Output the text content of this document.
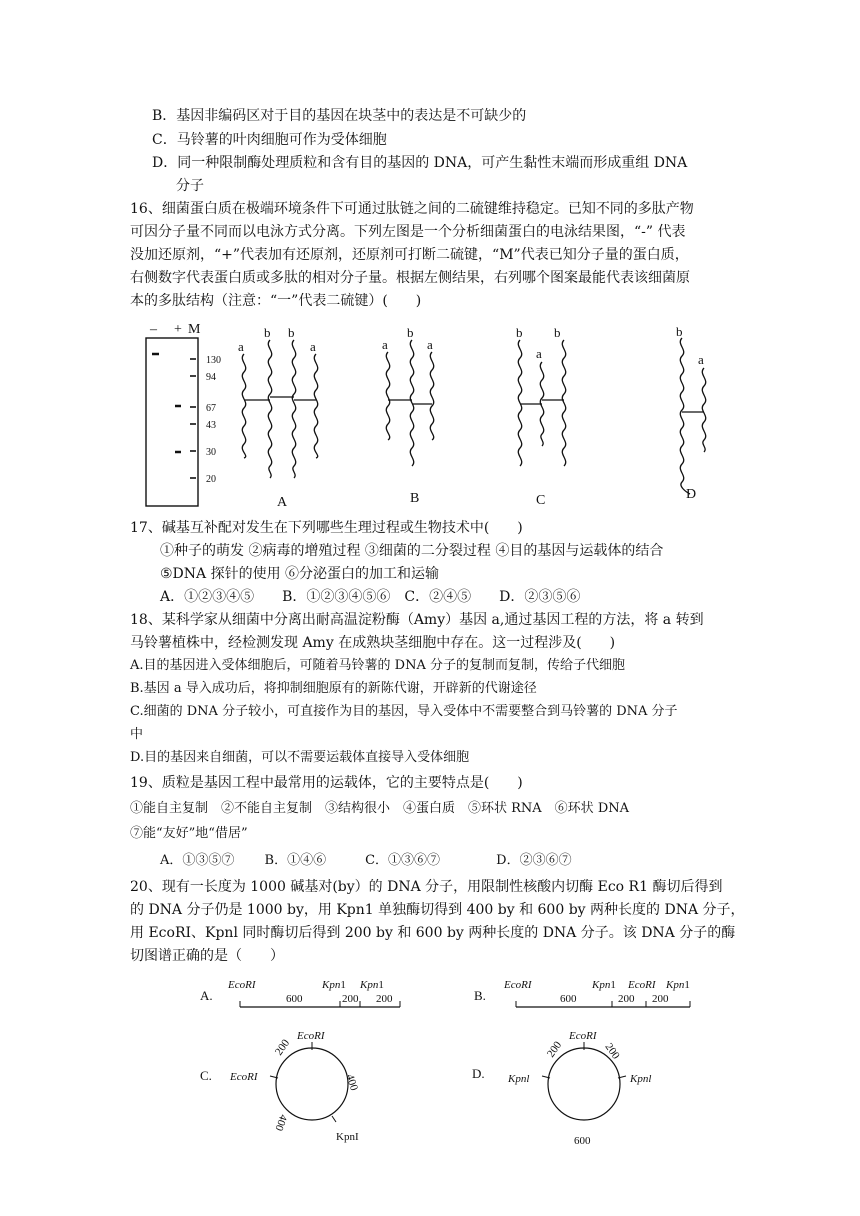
B．基因非编码区对于目的基因在块茎中的表达是不可缺少的
C．马铃薯的叶肉细胞可作为受体细胞
D．同一种限制酶处理质粒和含有目的基因的 DNA，可产生黏性末端而形成重组 DNA
分子
16、细菌蛋白质在极端环境条件下可通过肽链之间的二硫键维持稳定。已知不同的多肽产物
可因分子量不同而以电泳方式分离。下列左图是一个分析细菌蛋白的电泳结果图，“-” 代表
没加还原剂，“+”代表加有还原剂，还原剂可打断二硫键，“M”代表已知分子量的蛋白质，
右侧数字代表蛋白质或多肽的相对分子量。根据左侧结果，右列哪个图案最能代表该细菌原
本的多肽结构（注意：“一”代表二硫键）(　　)
– + M
130
94
67
43
30
20
a
b b
a
A
a
b
a
B
b
a
b
C
b
a
D
17、碱基互补配对发生在下列哪些生理过程或生物技术中(　　)
①种子的萌发 ②病毒的增殖过程 ③细菌的二分裂过程 ④目的基因与运载体的结合
⑤DNA 探针的使用 ⑥分泌蛋白的加工和运输
A．①②③④⑤　　B．①②③④⑤⑥　C．②④⑤　　D．②③⑤⑥
18、某科学家从细菌中分离出耐高温淀粉酶（Amy）基因 a,通过基因工程的方法，将 a 转到
马铃薯植株中，经检测发现 Amy 在成熟块茎细胞中存在。这一过程涉及(　　)
A.目的基因进入受体细胞后，可随着马铃薯的 DNA 分子的复制而复制，传给子代细胞
B.基因 a 导入成功后，将抑制细胞原有的新陈代谢，开辟新的代谢途径
C.细菌的 DNA 分子较小，可直接作为目的基因，导入受体中不需要整合到马铃薯的 DNA 分子
中
D.目的基因来自细菌，可以不需要运载体直接导入受体细胞
19、质粒是基因工程中最常用的运载体，它的主要特点是(　　)
①能自主复制　②不能自主复制　③结构很小　④蛋白质　⑤环状 RNA　⑥环状 DNA
⑦能“友好”地“借居”
A．①③⑤⑦　　 B．①④⑥　　　C．①③⑥⑦　　　　 D．②③⑥⑦
20、现有一长度为 1000 碱基对(by）的 DNA 分子，用限制性核酸内切酶 Eco R1 酶切后得到
的 DNA 分子仍是 1000 by，用 Kpn1 单独酶切得到 400 by 和 600 by 两种长度的 DNA 分子，
用 EcoRI、Kpnl 同时酶切后得到 200 by 和 600 by 两种长度的 DNA 分子。该 DNA 分子的酶
切图谱正确的是（　　）
A.
EcoRI	Kpn1 Kpn1
600	200 200	B.
EcoRI	Kpn1 EcoRI Kpn1
600	200 200
C.
EcoRI
EcoRI
KpnI
200
400
400
D.
EcoRI
Kpnl	Kpnl
200	200
600
